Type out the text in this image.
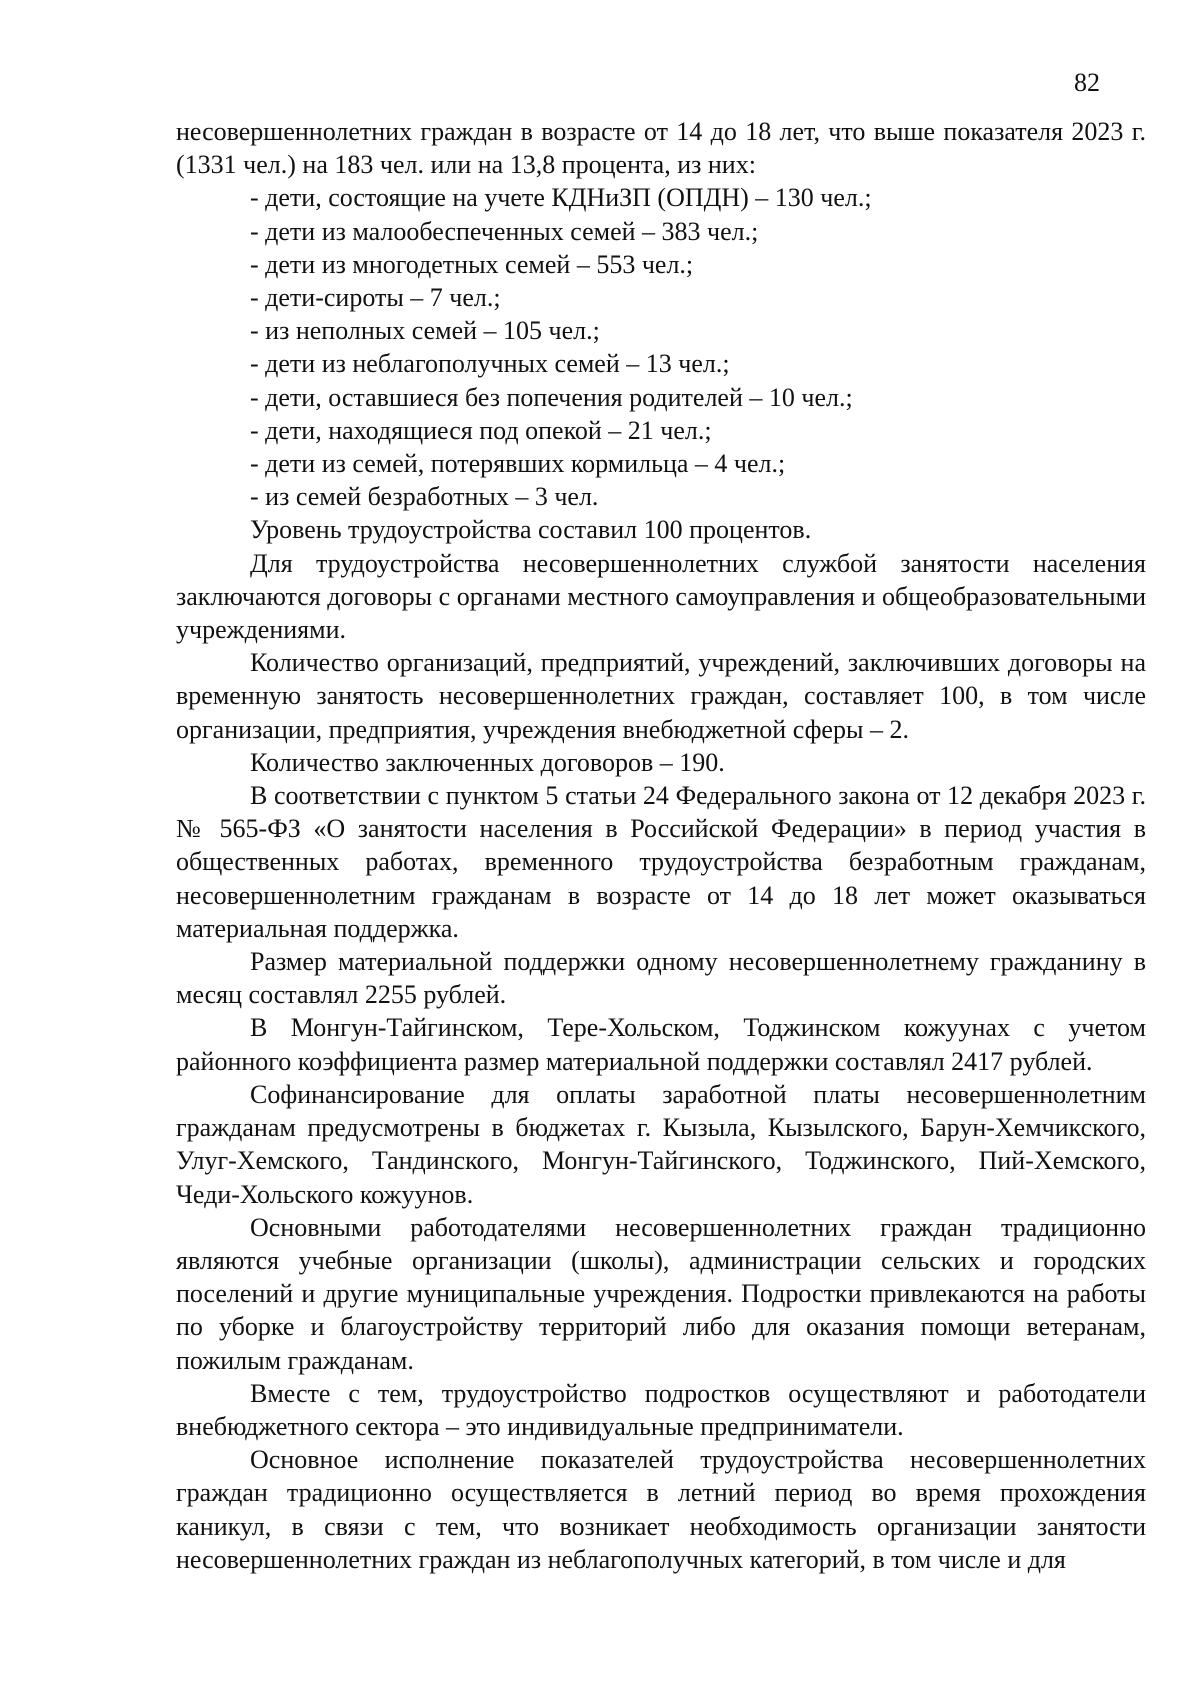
82

несовершеннолетних граждан в возрасте от 14 до 18 лет, что выше показателя 2023 г. (1331 чел.) на 183 чел. или на 13,8 процента, из них:

- дети, состоящие на учете КДНиЗП (ОПДН) – 130 чел.;
- дети из малообеспеченных семей – 383 чел.;
- дети из многодетных семей – 553 чел.;
- дети-сироты – 7 чел.;
- из неполных семей – 105 чел.;
- дети из неблагополучных семей – 13 чел.;
- дети, оставшиеся без попечения родителей – 10 чел.;
- дети, находящиеся под опекой – 21 чел.;
- дети из семей, потерявших кормильца – 4 чел.;
- из семей безработных – 3 чел.

Уровень трудоустройства составил 100 процентов.

Для трудоустройства несовершеннолетних службой занятости населения заключаются договоры с органами местного самоуправления и общеобразовательными учреждениями.

Количество организаций, предприятий, учреждений, заключивших договоры на временную занятость несовершеннолетних граждан, составляет 100, в том числе организации, предприятия, учреждения внебюджетной сферы – 2.

Количество заключенных договоров – 190.

В соответствии с пунктом 5 статьи 24 Федерального закона от 12 декабря 2023 г. № 565-ФЗ «О занятости населения в Российской Федерации» в период участия в общественных работах, временного трудоустройства безработным гражданам, несовершеннолетним гражданам в возрасте от 14 до 18 лет может оказываться материальная поддержка.

Размер материальной поддержки одному несовершеннолетнему гражданину в месяц составлял 2255 рублей.

В Монгун-Тайгинском, Тере-Хольском, Тоджинском кожуунах с учетом районного коэффициента размер материальной поддержки составлял 2417 рублей.

Софинансирование для оплаты заработной платы несовершеннолетним гражданам предусмотрены в бюджетах г. Кызыла, Кызылского, Барун-Хемчикского, Улуг-Хемского, Тандинского, Монгун-Тайгинского, Тоджинского, Пий-Хемского, Чеди-Хольского кожуунов.

Основными работодателями несовершеннолетних граждан традиционно являются учебные организации (школы), администрации сельских и городских поселений и другие муниципальные учреждения. Подростки привлекаются на работы по уборке и благоустройству территорий либо для оказания помощи ветеранам, пожилым гражданам.

Вместе с тем, трудоустройство подростков осуществляют и работодатели внебюджетного сектора – это индивидуальные предприниматели.

Основное исполнение показателей трудоустройства несовершеннолетних граждан традиционно осуществляется в летний период во время прохождения каникул, в связи с тем, что возникает необходимость организации занятости несовершеннолетних граждан из неблагополучных категорий, в том числе и для
